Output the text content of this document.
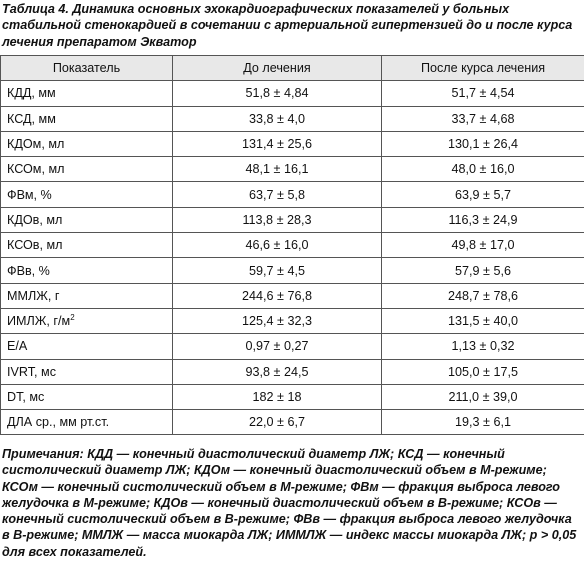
Таблица 4. Динамика основных эхокардиографических показателей у больных стабильной стенокардией в сочетании с артериальной гипертензией до и после курса лечения препаратом Экватор
Показатель	До лечения	После курса лечения
КДД, мм	51,8 ± 4,84	51,7 ± 4,54
КСД, мм	33,8 ± 4,0	33,7 ± 4,68
КДОм, мл	131,4 ± 25,6	130,1 ± 26,4
КСОм, мл	48,1 ± 16,1	48,0 ± 16,0
ФВм, %	63,7 ± 5,8	63,9 ± 5,7
КДОв, мл	113,8 ± 28,3	116,3 ± 24,9
КСОв, мл	46,6 ± 16,0	49,8 ± 17,0
ФВв, %	59,7 ± 4,5	57,9 ± 5,6
ММЛЖ, г	244,6 ± 76,8	248,7 ± 78,6
ИМЛЖ, $г/м^2$	125,4 ± 32,3	131,5 ± 40,0
E/A	0,97 ± 0,27	1,13 ± 0,32
IVRT, мс	93,8 ± 24,5	105,0 ± 17,5
DT, мс	182 ± 18	211,0 ± 39,0
ДЛА ср., мм рт.ст.	22,0 ± 6,7	19,3 ± 6,1
Примечания: КДД — конечный диастолический диаметр ЛЖ; КСД — конечный систолический диаметр ЛЖ; КДОм — конечный диастолический объем в М-режиме; КСОм — конечный систолический объем в М-режиме; ФВм — фракция выброса левого желудочка в М-режиме; КДОв — конечный диастолический объем в В-режиме; КСОв — конечный систолический объем в В-режиме; ФВв — фракция выброса левого желудочка в В-режиме; ММЛЖ — масса миокарда ЛЖ; ИММЛЖ — индекс массы миокарда ЛЖ; р > 0,05 для всех показателей.
